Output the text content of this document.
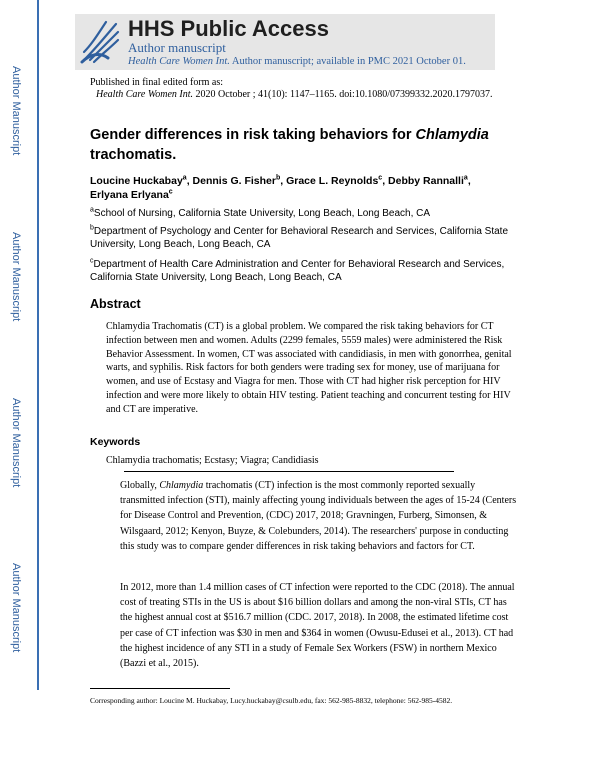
Author Manuscript
Author Manuscript
Author Manuscript
Author Manuscript
HHS Public Access
Author manuscript
Health Care Women Int. Author manuscript; available in PMC 2021 October 01.
Published in final edited form as:
Health Care Women Int. 2020 October ; 41(10): 1147–1165. doi:10.1080/07399332.2020.1797037.
Gender differences in risk taking behaviors for Chlamydia trachomatis.
Loucine Huckabay$^a$, Dennis G. Fisher$^b$, Grace L. Reynolds$^c$, Debby Rannalli$^a$, Erlyana Erlyana$^c$
$^a$School of Nursing, California State University, Long Beach, Long Beach, CA
$^b$Department of Psychology and Center for Behavioral Research and Services, California State University, Long Beach, Long Beach, CA
$^c$Department of Health Care Administration and Center for Behavioral Research and Services, California State University, Long Beach, Long Beach, CA
Abstract
Chlamydia Trachomatis (CT) is a global problem. We compared the risk taking behaviors for CT infection between men and women. Adults (2299 females, 5559 males) were administered the Risk Behavior Assessment. In women, CT was associated with candidiasis, in men with gonorrhea, genital warts, and syphilis. Risk factors for both genders were trading sex for money, use of marijuana for women, and use of Ecstasy and Viagra for men. Those with CT had higher risk perception for HIV infection and were more likely to obtain HIV testing. Patient teaching and concurrent testing for HIV and CT are imperative.
Keywords
Chlamydia trachomatis; Ecstasy; Viagra; Candidiasis
Globally, Chlamydia trachomatis (CT) infection is the most commonly reported sexually transmitted infection (STI), mainly affecting young individuals between the ages of 15-24 (Centers for Disease Control and Prevention, (CDC) 2017, 2018; Gravningen, Furberg, Simonsen, & Wilsgaard, 2012; Kenyon, Buyze, & Colebunders, 2014). The researchers' purpose in conducting this study was to compare gender differences in risk taking behaviors and factors for CT.
In 2012, more than 1.4 million cases of CT infection were reported to the CDC (2018). The annual cost of treating STIs in the US is about $16 billion dollars and among the non-viral STIs, CT has the highest annual cost at $516.7 million (CDC. 2017, 2018). In 2008, the estimated lifetime cost per case of CT infection was $30 in men and $364 in women (Owusu-Edusei et al., 2013). CT had the highest incidence of any STI in a study of Female Sex Workers (FSW) in northern Mexico (Bazzi et al., 2015).
Corresponding author: Loucine M. Huckabay, Lucy.huckabay@csulb.edu, fax: 562-985-8832, telephone: 562-985-4582.
